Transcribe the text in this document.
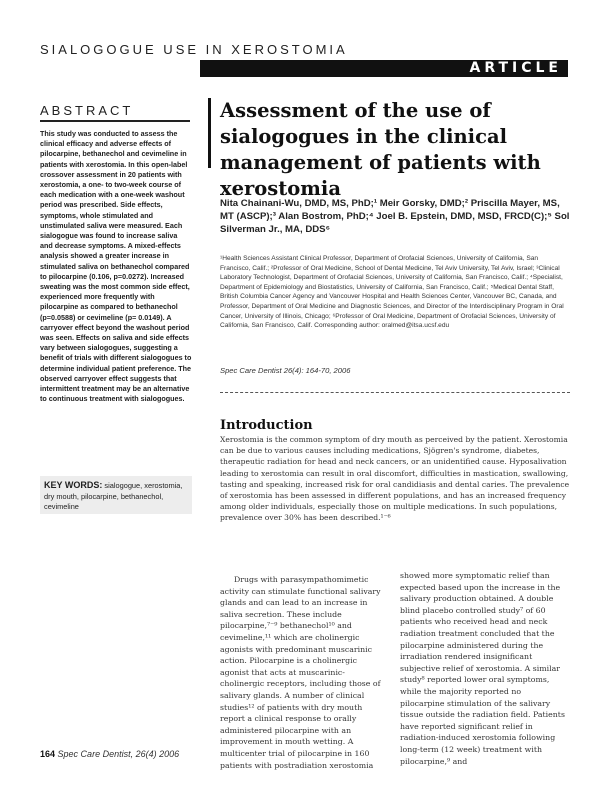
SIALOGOGUE USE IN XEROSTOMIA
ARTICLE
ABSTRACT
This study was conducted to assess the clinical efficacy and adverse effects of pilocarpine, bethanechol and cevimeline in patients with xerostomia. In this open-label crossover assessment in 20 patients with xerostomia, a one- to two-week course of each medication with a one-week washout period was prescribed. Side effects, symptoms, whole stimulated and unstimulated saliva were measured. Each sialogogue was found to increase saliva and decrease symptoms. A mixed-effects analysis showed a greater increase in stimulated saliva on bethanechol compared to pilocarpine (0.106, p=0.0272). Increased sweating was the most common side effect, experienced more frequently with pilocarpine as compared to bethanechol (p=0.0588) or cevimeline (p= 0.0149). A carryover effect beyond the washout period was seen. Effects on saliva and side effects vary between sialogogues, suggesting a benefit of trials with different sialogogues to determine individual patient preference. The observed carryover effect suggests that intermittent treatment may be an alternative to continuous treatment with sialogogues.
KEY WORDS: sialogogue, xerostomia, dry mouth, pilocarpine, bethanechol, cevimeline
Assessment of the use of sialogogues in the clinical management of patients with xerostomia
Nita Chainani-Wu, DMD, MS, PhD;¹ Meir Gorsky, DMD;² Priscilla Mayer, MS, MT (ASCP);³ Alan Bostrom, PhD;⁴ Joel B. Epstein, DMD, MSD, FRCD(C);⁵ Sol Silverman Jr., MA, DDS⁶
¹Health Sciences Assistant Clinical Professor, Department of Orofacial Sciences, University of California, San Francisco, Calif.; ²Professor of Oral Medicine, School of Dental Medicine, Tel Aviv University, Tel Aviv, Israel; ³Clinical Laboratory Technologist, Department of Orofacial Sciences, University of California, San Francisco, Calif.; ⁴Specialist, Department of Epidemiology and Biostatistics, University of California, San Francisco, Calif.; ⁵Medical Dental Staff, British Columbia Cancer Agency and Vancouver Hospital and Health Sciences Center, Vancouver BC, Canada, and Professor, Department of Oral Medicine and Diagnostic Sciences, and Director of the Interdisciplinary Program in Oral Cancer, University of Illinois, Chicago; ⁶Professor of Oral Medicine, Department of Orofacial Sciences, University of California, San Francisco, Calif. Corresponding author: oralmed@itsa.ucsf.edu
Spec Care Dentist 26(4): 164-70, 2006
Introduction
Xerostomia is the common symptom of dry mouth as perceived by the patient. Xerostomia can be due to various causes including medications, Sjögren's syndrome, diabetes, therapeutic radiation for head and neck cancers, or an unidentified cause. Hyposalivation leading to xerostomia can result in oral discomfort, difficulties in mastication, swallowing, tasting and speaking, increased risk for oral candidiasis and dental caries. The prevalence of xerostomia has been assessed in different populations, and has an increased frequency among older individuals, especially those on multiple medications. In such populations, prevalence over 30% has been described.¹⁻⁶
Drugs with parasympathomimetic activity can stimulate functional salivary glands and can lead to an increase in saliva secretion. These include pilocarpine,⁷⁻⁹ bethanechol¹⁰ and cevimeline,¹¹ which are cholinergic agonists with predominant muscarinic action. Pilocarpine is a cholinergic agonist that acts at muscarinic-cholinergic receptors, including those of salivary glands. A number of clinical studies¹² of patients with dry mouth report a clinical response to orally administered pilocarpine with an improvement in mouth wetting. A multicenter trial of pilocarpine in 160 patients with postradiation xerostomia
showed more symptomatic relief than expected based upon the increase in the salivary production obtained. A double blind placebo controlled study⁷ of 60 patients who received head and neck radiation treatment concluded that the pilocarpine administered during the irradiation rendered insignificant subjective relief of xerostomia. A similar study⁸ reported lower oral symptoms, while the majority reported no pilocarpine stimulation of the salivary tissue outside the radiation field. Patients have reported significant relief in radiation-induced xerostomia following long-term (12 week) treatment with pilocarpine,⁹ and
164 Spec Care Dentist, 26(4) 2006
